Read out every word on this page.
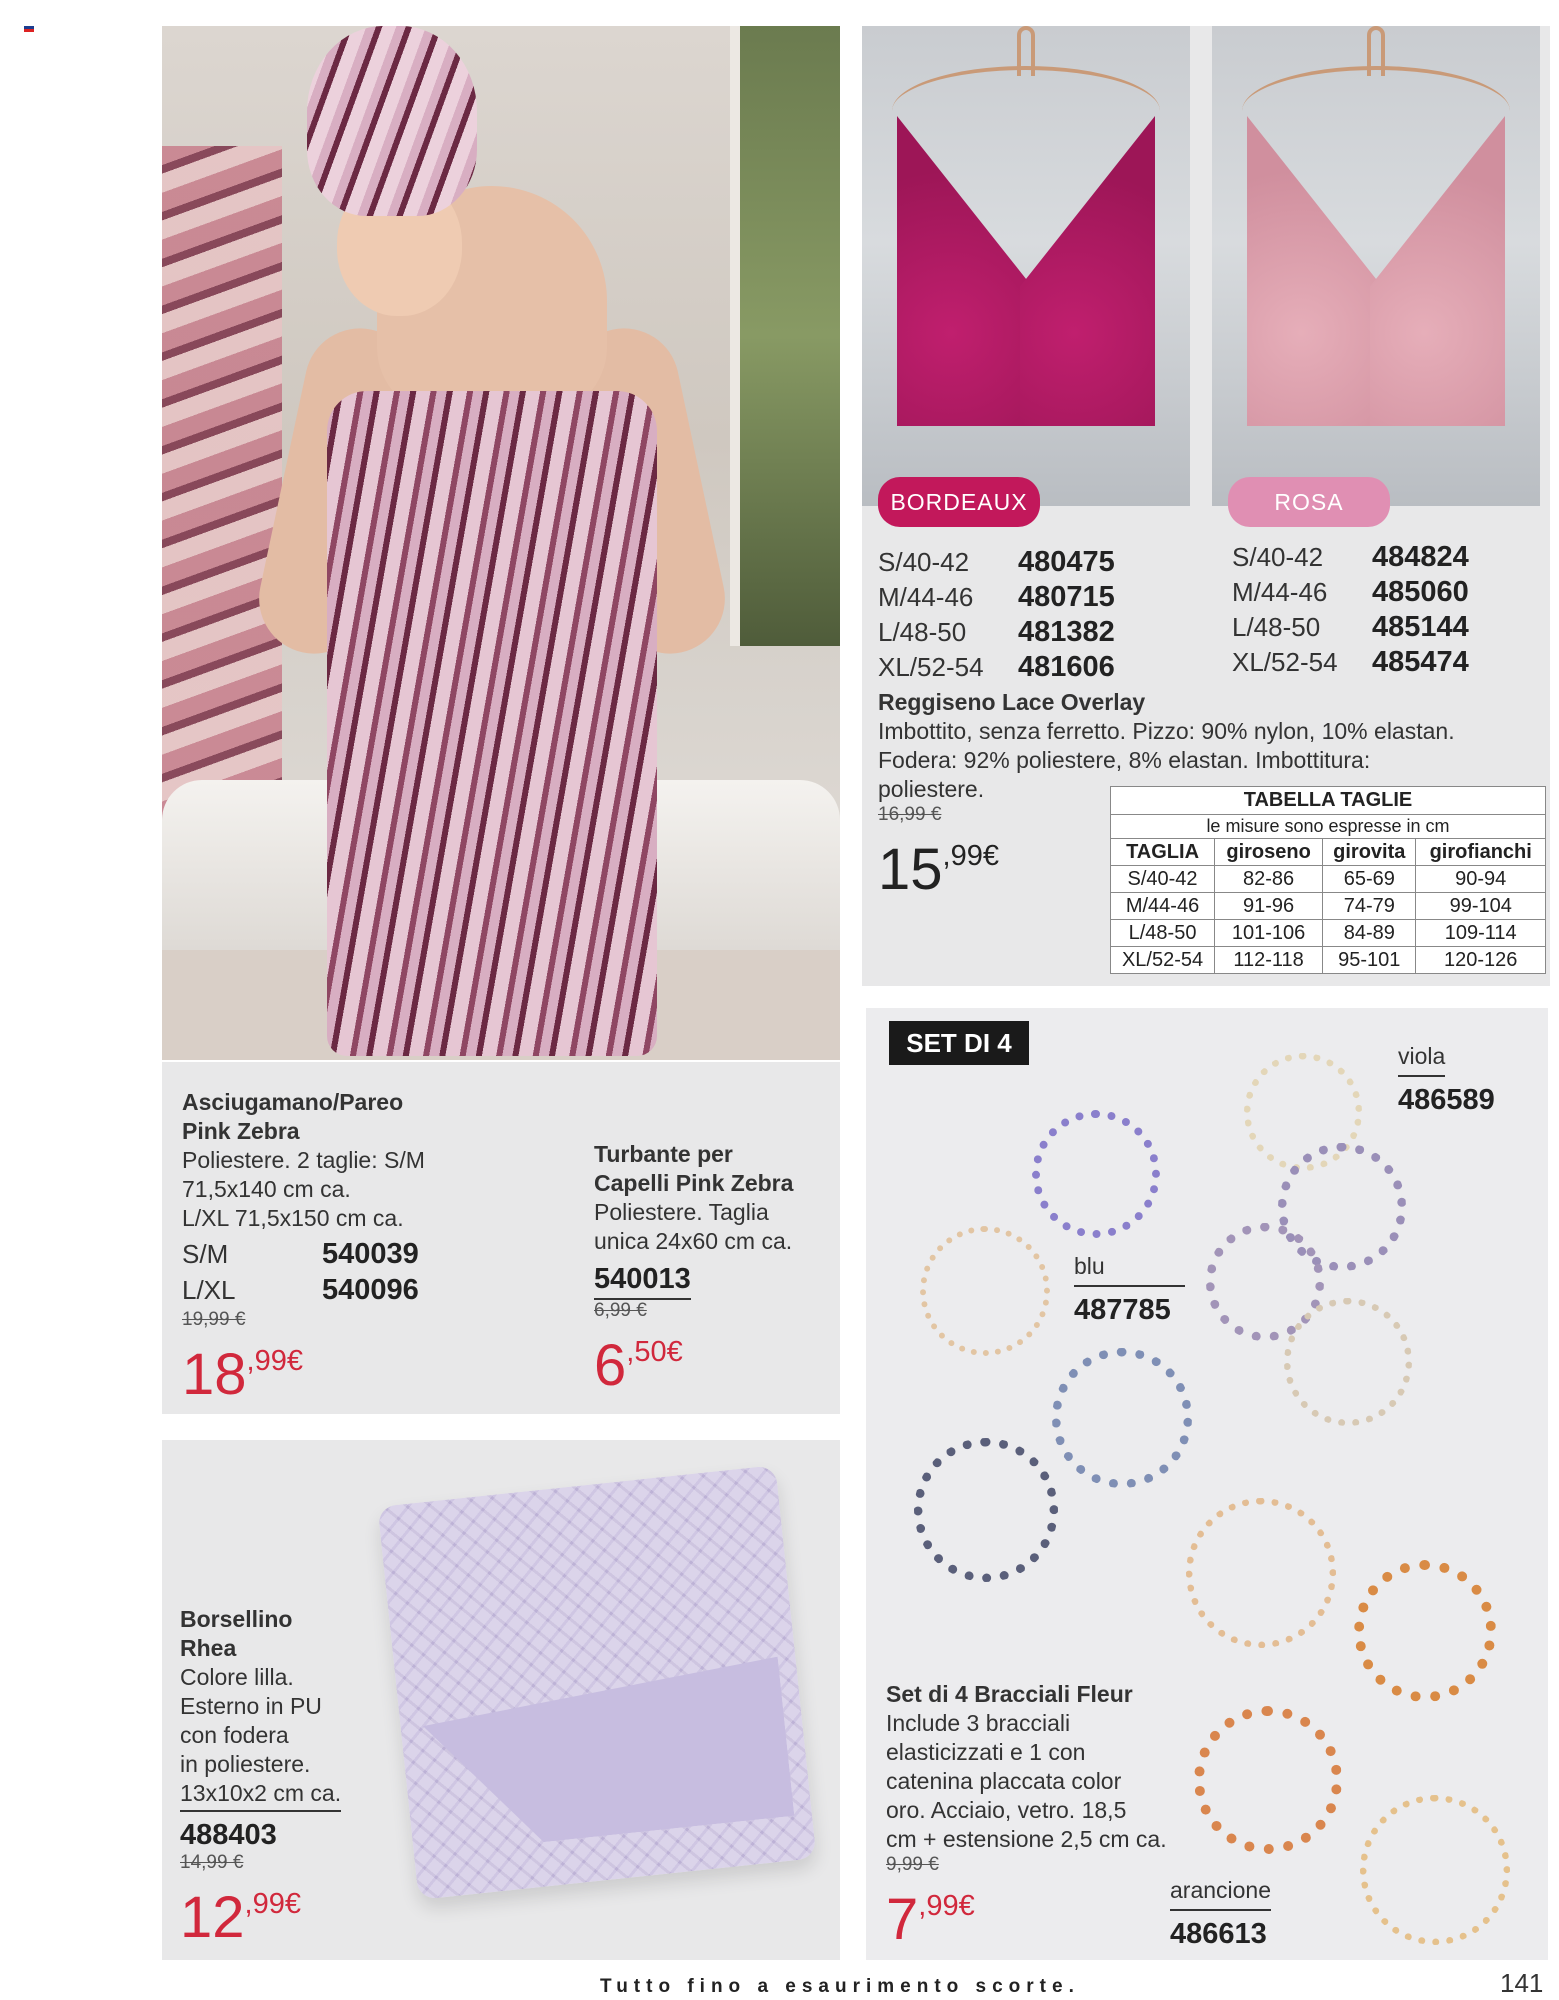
Asciugamano/Pareo
Pink Zebra
Poliestere. 2 taglie: S/M
71,5x140 cm ca.
L/XL 71,5x150 cm ca.
S/M	540039
L/XL	540096
19,99 €
$18^{,99€}$
Turbante per
Capelli Pink Zebra
Poliestere. Taglia
unica 24x60 cm ca.
540013
6,99 €
$6^{,50€}$
Borsellino
Rhea
Colore lilla.
Esterno in PU
con fodera
in poliestere.
13x10x2 cm ca.
488403
14,99 €
$12^{,99€}$
BORDEAUX	ROSA
S/40-42 480475
M/44-46 480715
L/48-50 481382
XL/52-54 481606
S/40-42 484824
M/44-46 485060
L/48-50 485144
XL/52-54 485474
Reggiseno Lace Overlay
Imbottito, senza ferretto. Pizzo: 90% nylon, 10% elastan.
Fodera: 92% poliestere, 8% elastan. Imbottitura:
poliestere.
16,99 €
$15^{,99€}$
TABELLA TAGLIE			
le misure sono espresse in cm			
TAGLIA	giroseno	girovita	girofianchi
S/40-42	82-86	65-69	90-94
M/44-46	91-96	74-79	99-104
L/48-50	101-106	84-89	109-114
XL/52-54	112-118	95-101	120-126
SET DI 4	viola
486589
blu
487785
arancione
486613
Set di 4 Bracciali Fleur
Include 3 bracciali
elasticizzati e 1 con
catenina placcata color
oro. Acciaio, vetro. 18,5
cm + estensione 2,5 cm ca.
9,99 €
$7^{,99€}$
Tutto fino a esaurimento scorte.	141
